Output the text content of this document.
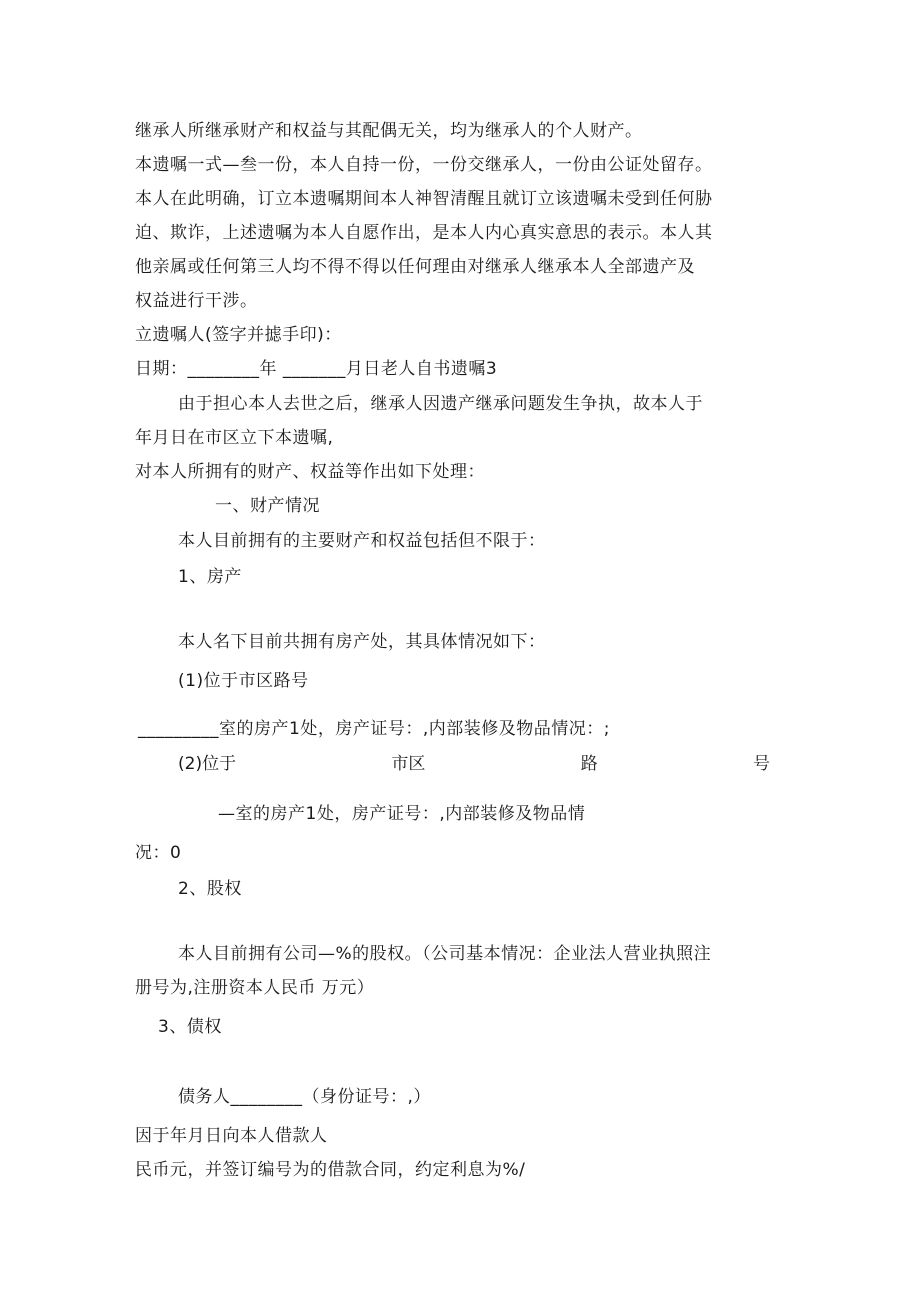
继承人所继承财产和权益与其配偶无关，均为继承人的个人财产。
本遗嘱一式—叁一份，本人自持一份，一份交继承人，一份由公证处留存。
本人在此明确，订立本遗嘱期间本人神智清醒且就订立该遗嘱未受到任何胁
迫、欺诈，上述遗嘱为本人自愿作出，是本人内心真实意思的表示。本人其
他亲属或任何第三人均不得不得以任何理由对继承人继承本人全部遗产及
权益进行干涉。
立遗嘱人(签字并摅手印)：
日期：________年 _______月日老人自书遗嘱3
由于担心本人去世之后，继承人因遗产继承问题发生争执，故本人于
年月日在市区立下本遗嘱,
对本人所拥有的财产、权益等作出如下处理：
一、财产情况
本人目前拥有的主要财产和权益包括但不限于：
1、房产
本人名下目前共拥有房产处，其具体情况如下：
(1)位于市区路号
_________室的房产1处，房产证号：,内部装修及物品情况：;
(2)位于	市区	路	号
—室的房产1处，房产证号：,内部装修及物品情
况：0
2、股权
本人目前拥有公司—%的股权。（公司基本情况：企业法人营业执照注
册号为,注册资本人民币 万元）
3、债权
债务人________（身份证号：,）
因于年月日向本人借款人
民币元，并签订编号为的借款合同，约定利息为%/
